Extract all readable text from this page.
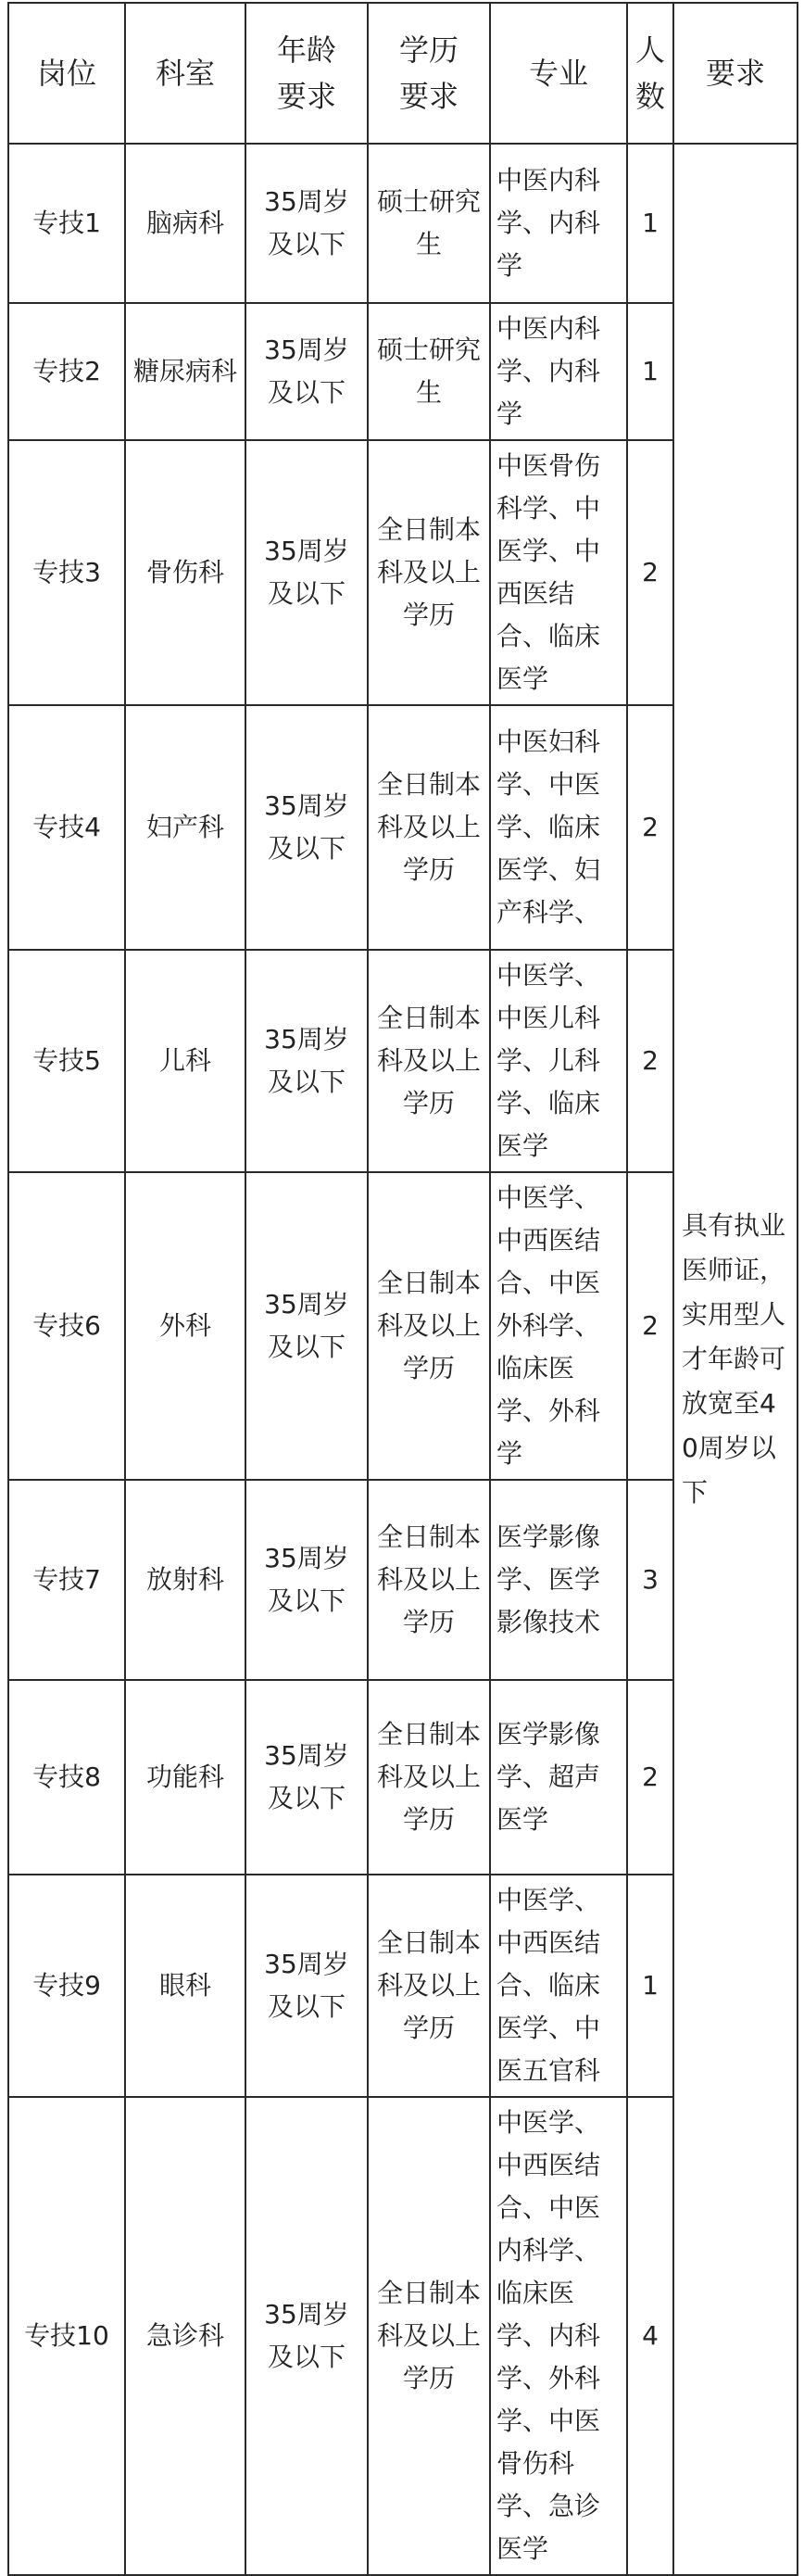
岗位	科室	年龄要求	学历要求	专业	人数	要求
专技1	脑病科	35周岁及以下	硕士研究生	中医内科学、内科学	1	具有执业医师证，实用型人才年龄可放宽至40周岁以下
专技2	糖尿病科	35周岁及以下	硕士研究生	中医内科学、内科学	1	
专技3	骨伤科	35周岁及以下	全日制本科及以上学历	中医骨伤科学、中医学、中西医结合、临床医学	2	
专技4	妇产科	35周岁及以下	全日制本科及以上学历	中医妇科学、中医学、临床医学、妇产科学、	2	
专技5	儿科	35周岁及以下	全日制本科及以上学历	中医学、中医儿科学、儿科学、临床医学	2	
专技6	外科	35周岁及以下	全日制本科及以上学历	中医学、中西医结合、中医外科学、临床医学、外科学	2	
专技7	放射科	35周岁及以下	全日制本科及以上学历	医学影像学、医学影像技术	3	
专技8	功能科	35周岁及以下	全日制本科及以上学历	医学影像学、超声医学	2	
专技9	眼科	35周岁及以下	全日制本科及以上学历	中医学、中西医结合、临床医学、中医五官科	1	
专技10	急诊科	35周岁及以下	全日制本科及以上学历	中医学、中西医结合、中医内科学、临床医学、内科学、外科学、中医骨伤科学、急诊医学	4	
